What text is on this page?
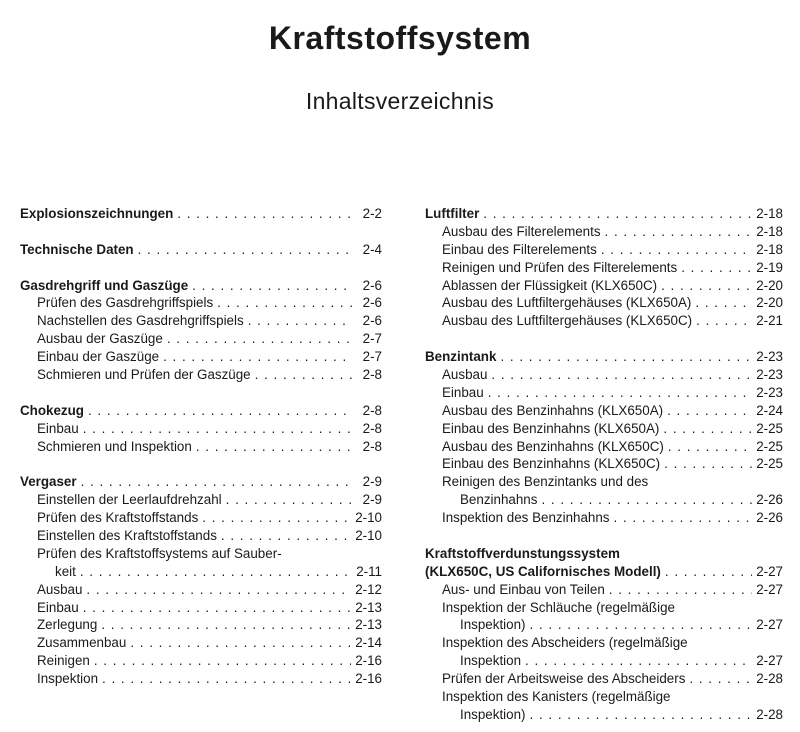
Kraftstoffsystem
Inhaltsverzeichnis
Explosionszeichnungen . . .	2-2
Technische Daten . . .	2-4
Gasdrehgriff und Gaszüge . . .	2-6
Prüfen des Gasdrehgriffspiels . . .	2-6
Nachstellen des Gasdrehgriffspiels . . .	2-6
Ausbau der Gaszüge . . .	2-7
Einbau der Gaszüge . . .	2-7
Schmieren und Prüfen der Gaszüge . . .	2-8
Chokezug . . .	2-8
Einbau . . .	2-8
Schmieren und Inspektion . . .	2-8
Vergaser . . .	2-9
Einstellen der Leerlaufdrehzahl . . .	2-9
Prüfen des Kraftstoffstands . . .	2-10
Einstellen des Kraftstoffstands . . .	2-10
Prüfen des Kraftstoffsystems auf Sauber-
keit . . .	2-11
Ausbau . . .	2-12
Einbau . . .	2-13
Zerlegung . . .	2-13
Zusammenbau . . .	2-14
Reinigen . . .	2-16
Inspektion . . .	2-16
Luftfilter . . .	2-18
Ausbau des Filterelements . . .	2-18
Einbau des Filterelements . . .	2-18
Reinigen und Prüfen des Filterelements . . .	2-19
Ablassen der Flüssigkeit (KLX650C) . . .	2-20
Ausbau des Luftfiltergehäuses (KLX650A) . . .	2-20
Ausbau des Luftfiltergehäuses (KLX650C) . . .	2-21
Benzintank . . .	2-23
Ausbau . . .	2-23
Einbau . . .	2-23
Ausbau des Benzinhahns (KLX650A) . . .	2-24
Einbau des Benzinhahns (KLX650A) . . .	2-25
Ausbau des Benzinhahns (KLX650C) . . .	2-25
Einbau des Benzinhahns (KLX650C) . . .	2-25
Reinigen des Benzintanks und des
Benzinhahns . . .	2-26
Inspektion des Benzinhahns . . .	2-26
Kraftstoffverdunstungssystem
(KLX650C, US Californisches Modell) . . .	2-27
Aus- und Einbau von Teilen . . .	2-27
Inspektion der Schläuche (regelmäßige
Inspektion) . . .	2-27
Inspektion des Abscheiders (regelmäßige
Inspektion . . .	2-27
Prüfen der Arbeitsweise des Abscheiders . . .	2-28
Inspektion des Kanisters (regelmäßige
Inspektion) . . .	2-28
